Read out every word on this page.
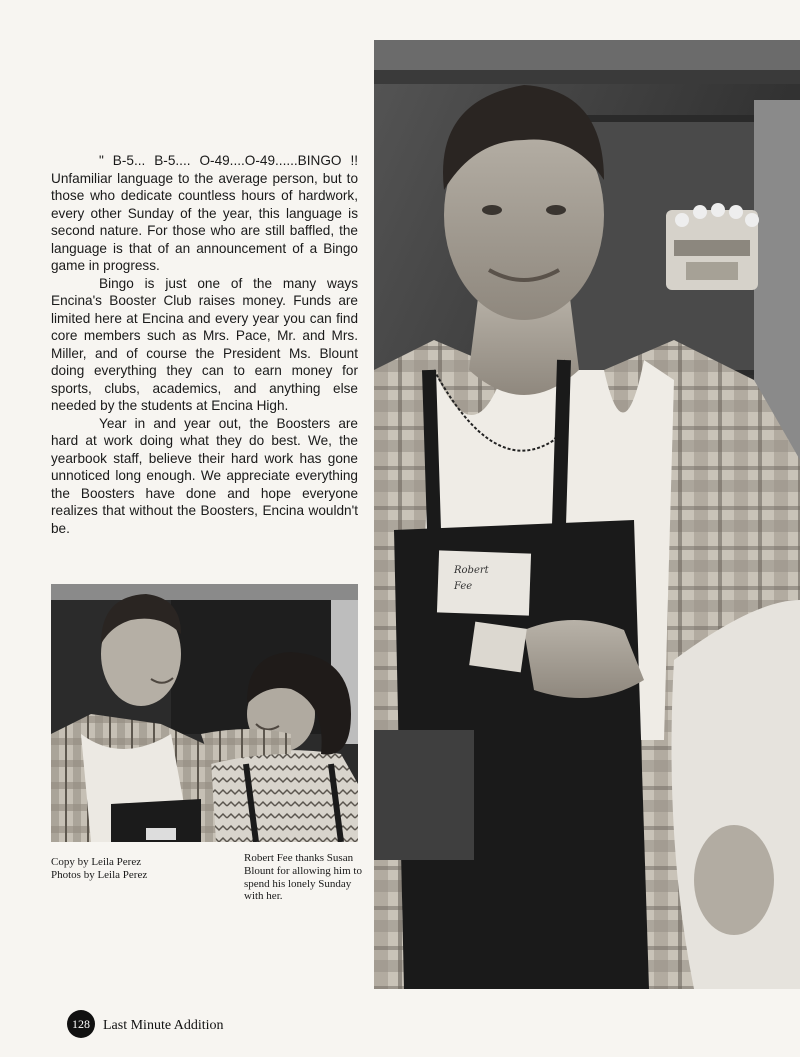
" B-5... B-5.... O-49....O-49......BINGO !! Unfamiliar language to the average person, but to those who dedicate countless hours of hardwork, every other Sunday of the year, this language is second nature. For those who are still baffled, the language is that of an announcement of a Bingo game in progress.

Bingo is just one of the many ways Encina's Booster Club raises money. Funds are limited here at Encina and every year you can find core members such as Mrs. Pace, Mr. and Mrs. Miller, and of course the President Ms. Blount doing everything they can to earn money for sports, clubs, academics, and anything else needed by the students at Encina High.

Year in and year out, the Boosters are hard at work doing what they do best. We, the yearbook staff, believe their hard work has gone unnoticed long enough. We appreciate everything the Boosters have done and hope everyone realizes that without the Boosters, Encina wouldn't be.

Robert
Fee
Copy by Leila Perez
Photos by Leila Perez
Robert Fee thanks Susan Blount for allowing him to spend his lonely Sunday with her.
128 Last Minute Addition
